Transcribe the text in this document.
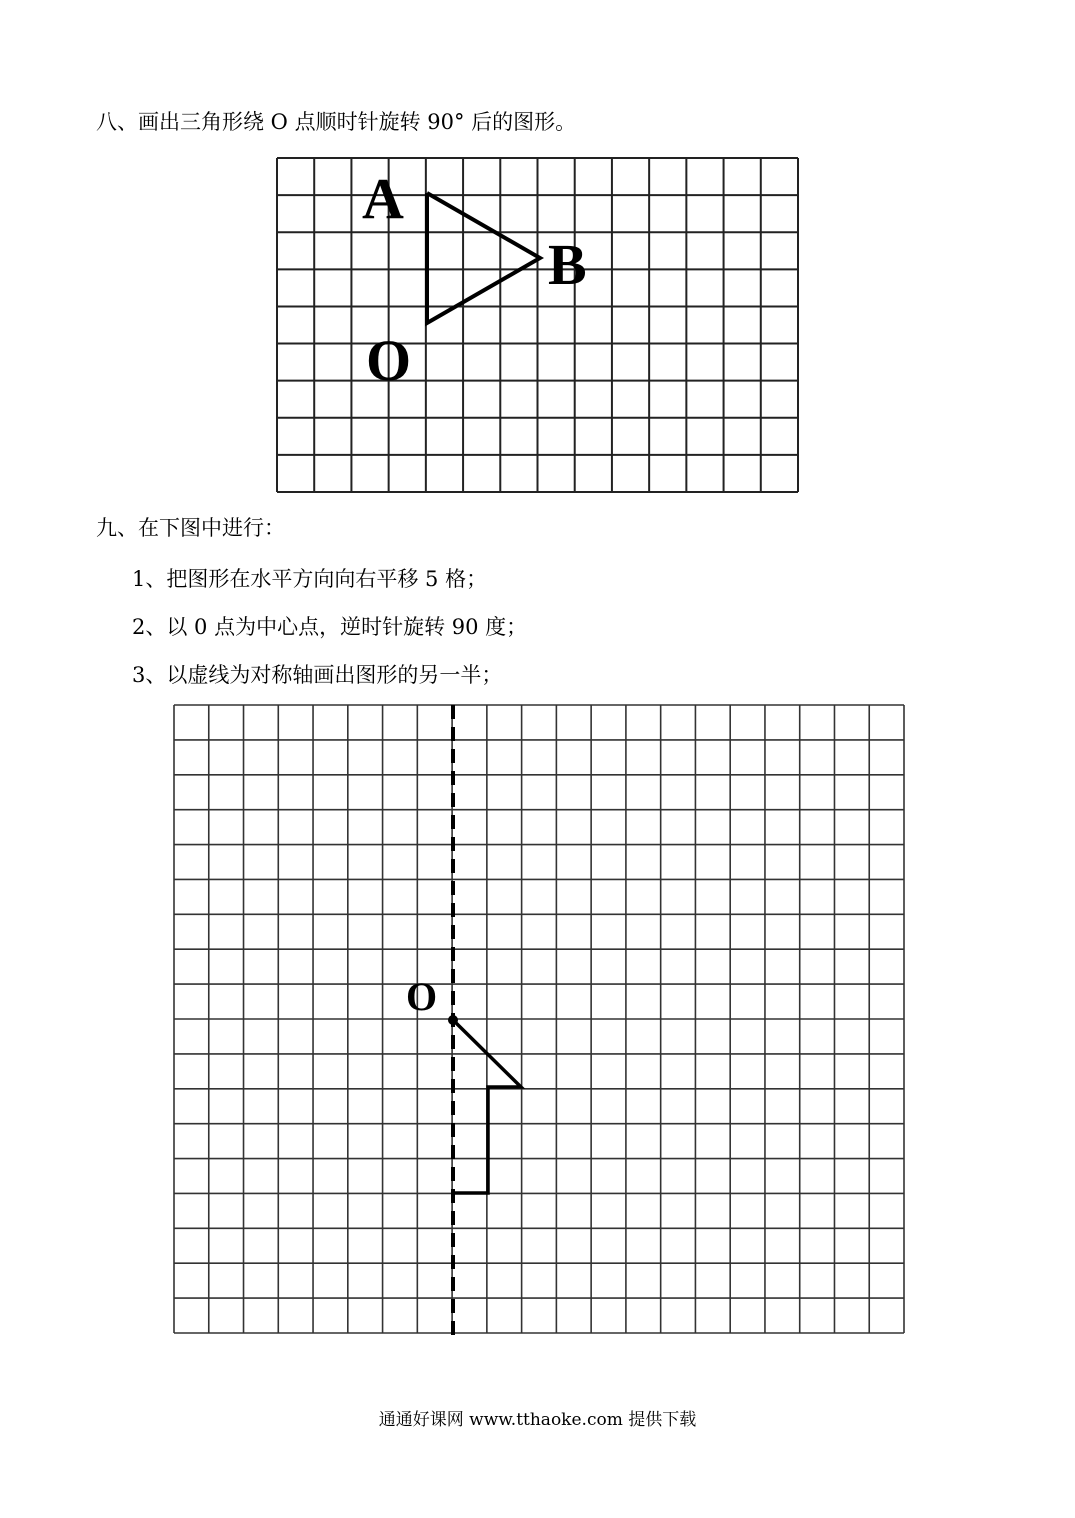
八、画出三角形绕 O 点顺时针旋转 90° 后的图形。
A
B
O
九、在下图中进行：
1、把图形在水平方向向右平移 5 格；
2、以 0 点为中心点，逆时针旋转 90 度；
3、以虚线为对称轴画出图形的另一半；
O
通通好课网 www.tthaoke.com 提供下载
